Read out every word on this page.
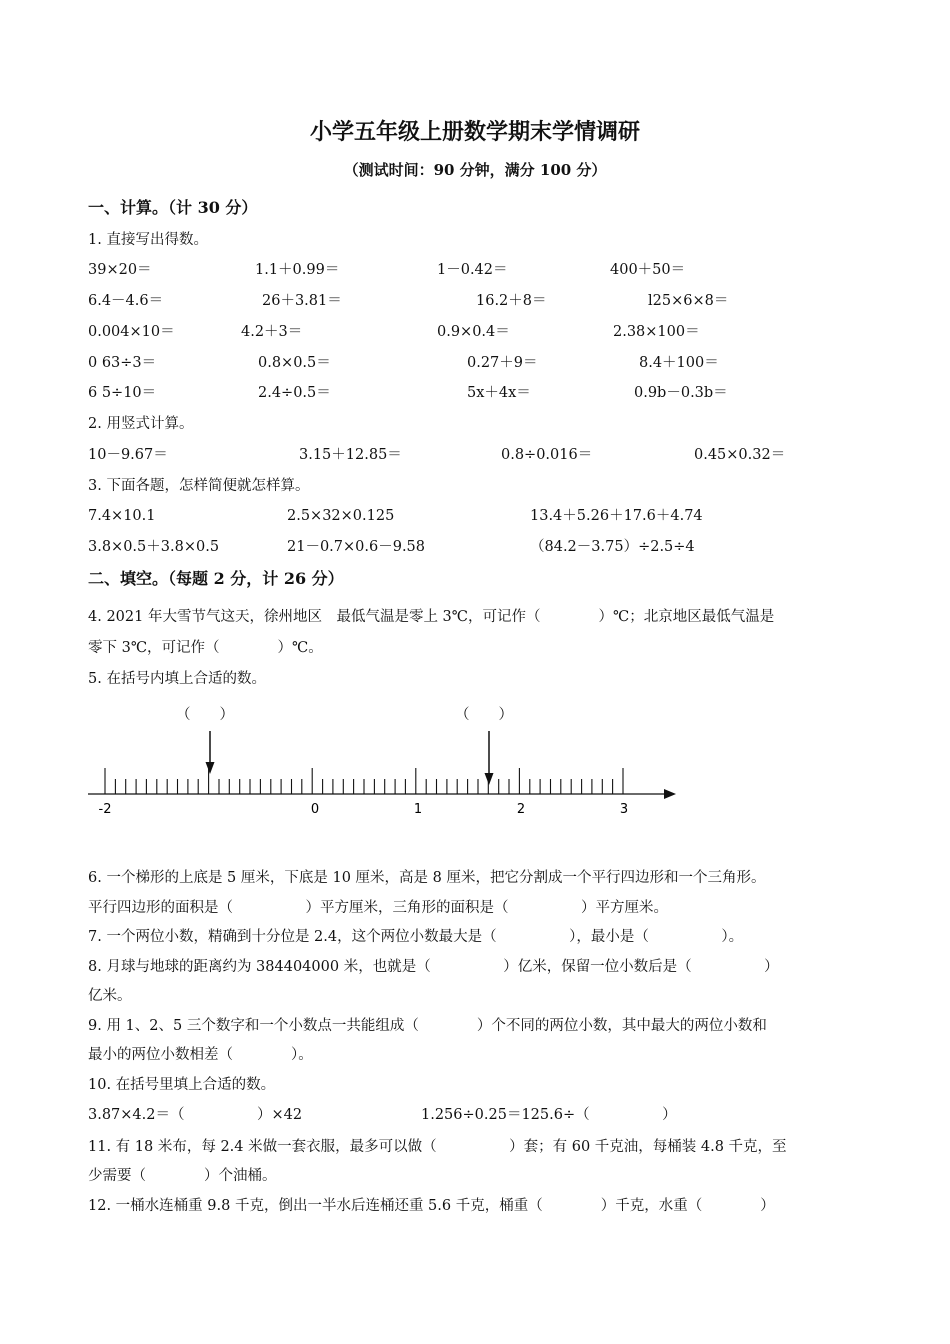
小学五年级上册数学期末学情调研
（测试时间：90 分钟，满分 100 分）
一、计算。（计 30 分）
1. 直接写出得数。
39×20＝	1.1＋0.99＝	1－0.42＝	400＋50＝
6.4－4.6＝	26＋3.81＝	16.2＋8＝	l25×6×8＝
0.004×10＝	4.2＋3＝	0.9×0.4＝	2.38×100＝
0 63÷3＝	0.8×0.5＝	0.27＋9＝	8.4＋100＝
6 5÷10＝	2.4÷0.5＝	5x＋4x＝	0.9b－0.3b＝
2. 用竖式计算。
10－9.67＝	3.15＋12.85＝	0.8÷0.016＝	0.45×0.32＝
3. 下面各题，怎样简便就怎样算。
7.4×10.1	2.5×32×0.125	13.4＋5.26＋17.6＋4.74
3.8×0.5＋3.8×0.5	21－0.7×0.6－9.58	（84.2－3.75）÷2.5÷4
二、填空。（每题 2 分，计 26 分）
4. 2021 年大雪节气这天，徐州地区　最低气温是零上 3℃，可记作（　　　　）℃；北京地区最低气温是
零下 3℃，可记作（　　　　）℃。
5. 在括号内填上合适的数。
（　　）	（　　）
-2	0	1	2	3
6. 一个梯形的上底是 5 厘米，下底是 10 厘米，高是 8 厘米，把它分割成一个平行四边形和一个三角形。
平行四边形的面积是（　　　　　）平方厘米，三角形的面积是（　　　　　）平方厘米。
7. 一个两位小数，精确到十分位是 2.4，这个两位小数最大是（　　　　　），最小是（　　　　　）。
8. 月球与地球的距离约为 384404000 米，也就是（　　　　　）亿米，保留一位小数后是（　　　　　）
亿米。
9. 用 1、2、5 三个数字和一个小数点一共能组成（　　　　）个不同的两位小数，其中最大的两位小数和
最小的两位小数相差（　　　　）。
10. 在括号里填上合适的数。
3.87×4.2＝（　　　　　）×42	1.256÷0.25＝125.6÷（　　　　　）
11. 有 18 米布，每 2.4 米做一套衣服，最多可以做（　　　　　）套；有 60 千克油，每桶装 4.8 千克，至
少需要（　　　　）个油桶。
12. 一桶水连桶重 9.8 千克，倒出一半水后连桶还重 5.6 千克，桶重（　　　　）千克，水重（　　　　）
